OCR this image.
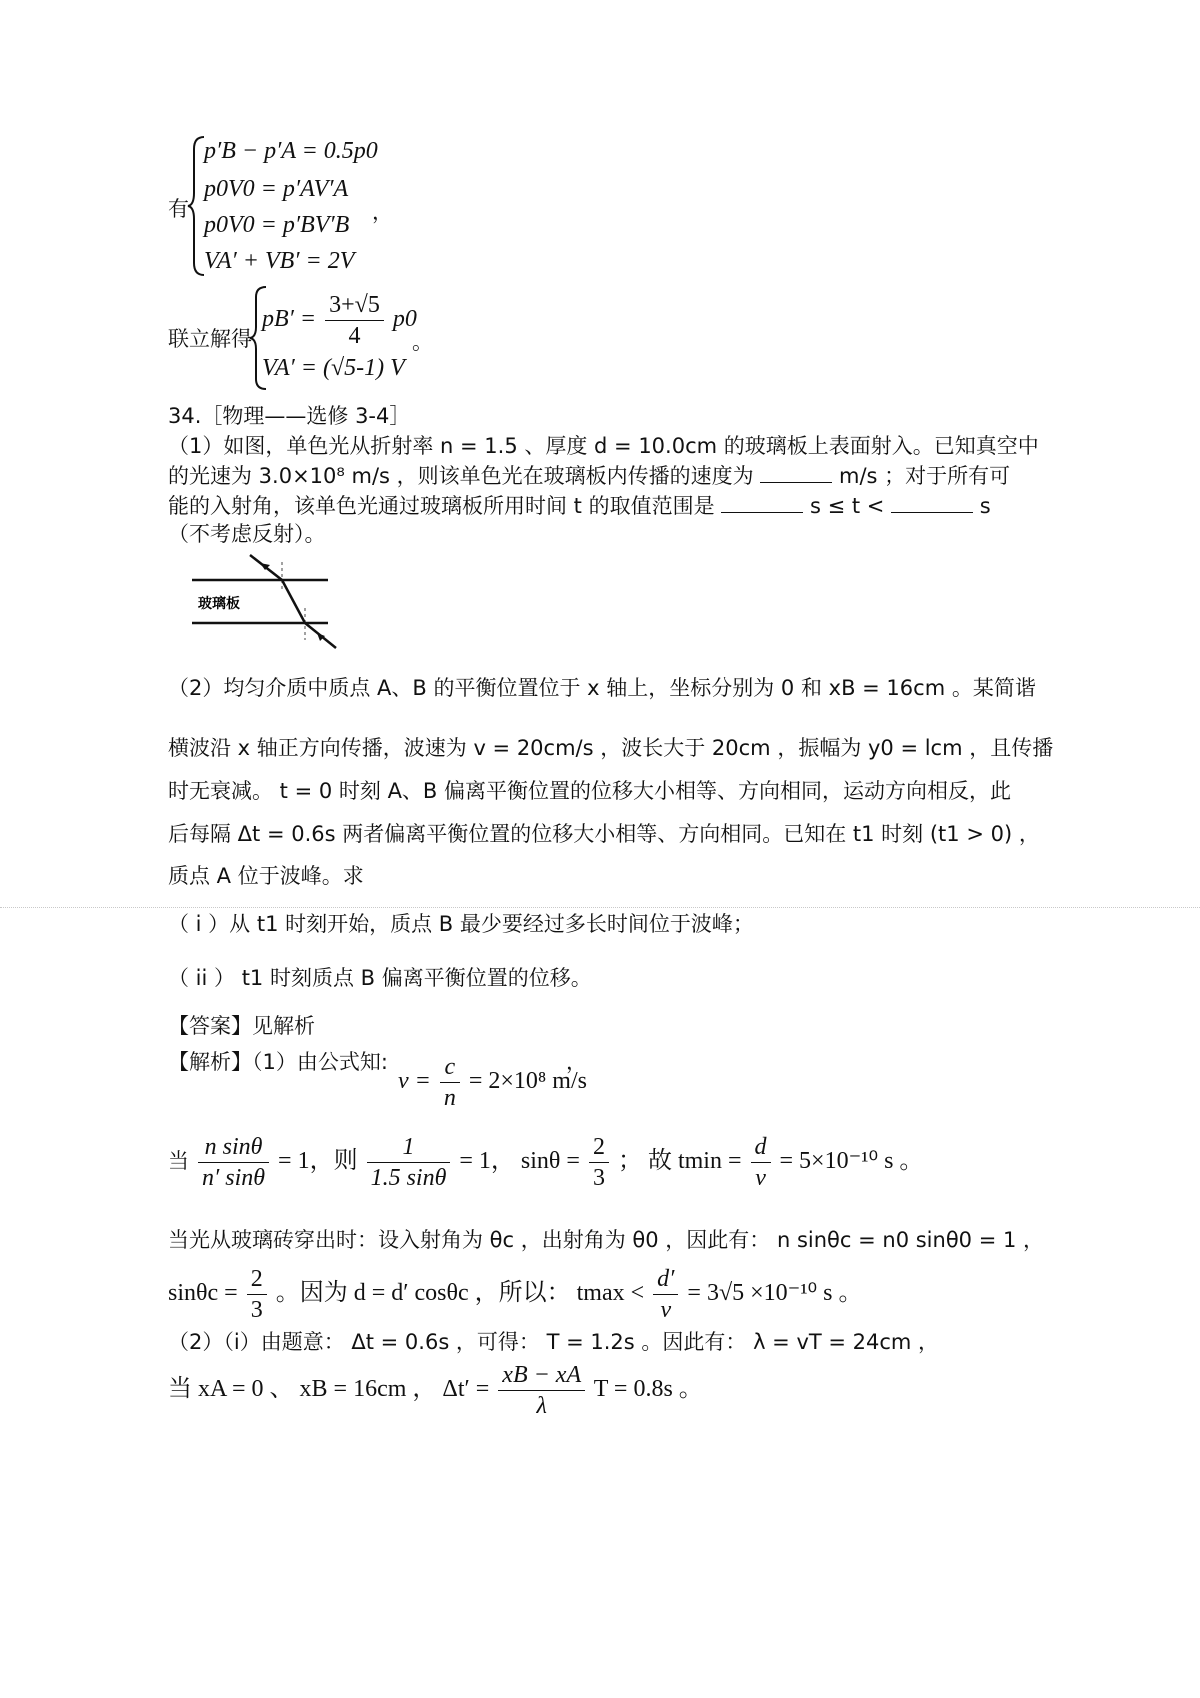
有
p′B − p′A = 0.5p0
p0V0 = p′AV′A
p0V0 = p′BV′B
VA′ + VB′ = 2V
，
联立解得
$pB' = \frac{3+√5}{4} p0$
VA′ = (√5-1) V
。
34.［物理——选修 3-4］
（1）如图，单色光从折射率 n = 1.5 、厚度 d = 10.0cm 的玻璃板上表面射入。已知真空中
的光速为 3.0×10⁸ m/s ，则该单色光在玻璃板内传播的速度为	m/s ；对于所有可
能的入射角，该单色光通过玻璃板所用时间 t 的取值范围是	s ≤ t <	s
（不考虑反射）。
玻璃板
（2）均匀介质中质点 A、B 的平衡位置位于 x 轴上，坐标分别为 0 和 xB = 16cm 。某简谐
横波沿 x 轴正方向传播，波速为 v = 20cm/s ，波长大于 20cm ，振幅为 y0 = lcm ，且传播
时无衰减。 t = 0 时刻 A、B 偏离平衡位置的位移大小相等、方向相同，运动方向相反，此
后每隔 Δt = 0.6s 两者偏离平衡位置的位移大小相等、方向相同。已知在 t1 时刻 (t1 > 0) ，
质点 A 位于波峰。求
（ i ）从 t1 时刻开始，质点 B 最少要经过多长时间位于波峰；
（ ii ） t1 时刻质点 B 偏离平衡位置的位移。
【答案】见解析
【解析】（1）由公式知:
$v = \frac{c}{n} = 2\times 10^8$ m/s
，
当 $\frac{\text{n sinθ}}{n' \sin\theta} = 1$，则 $\frac{1}{1.5 \sin\theta} = 1$， $\sin\theta = \frac{2}{3}$ ； 故 $tmin = \frac{d}{v} = 5\times 10^{-10}$ s 。
当光从玻璃砖穿出时：设入射角为 θc ，出射角为 θ0 ，因此有： n sinθc = n0 sinθ0 = 1 ，
$\sin\theta c = \frac{2}{3}$ 。因为 d = d′ cosθc ，所以： $tmax < \frac{d'}{v} = 3√5 \times 10^{-10}$ s 。
（2）（i）由题意： Δt = 0.6s ，可得： T = 1.2s 。因此有： λ = vT = 24cm ，
当 xA = 0 、 xB = 16cm ， $\Delta t' = \frac{xB - xA}{\lambda}$ T = 0.8s 。
